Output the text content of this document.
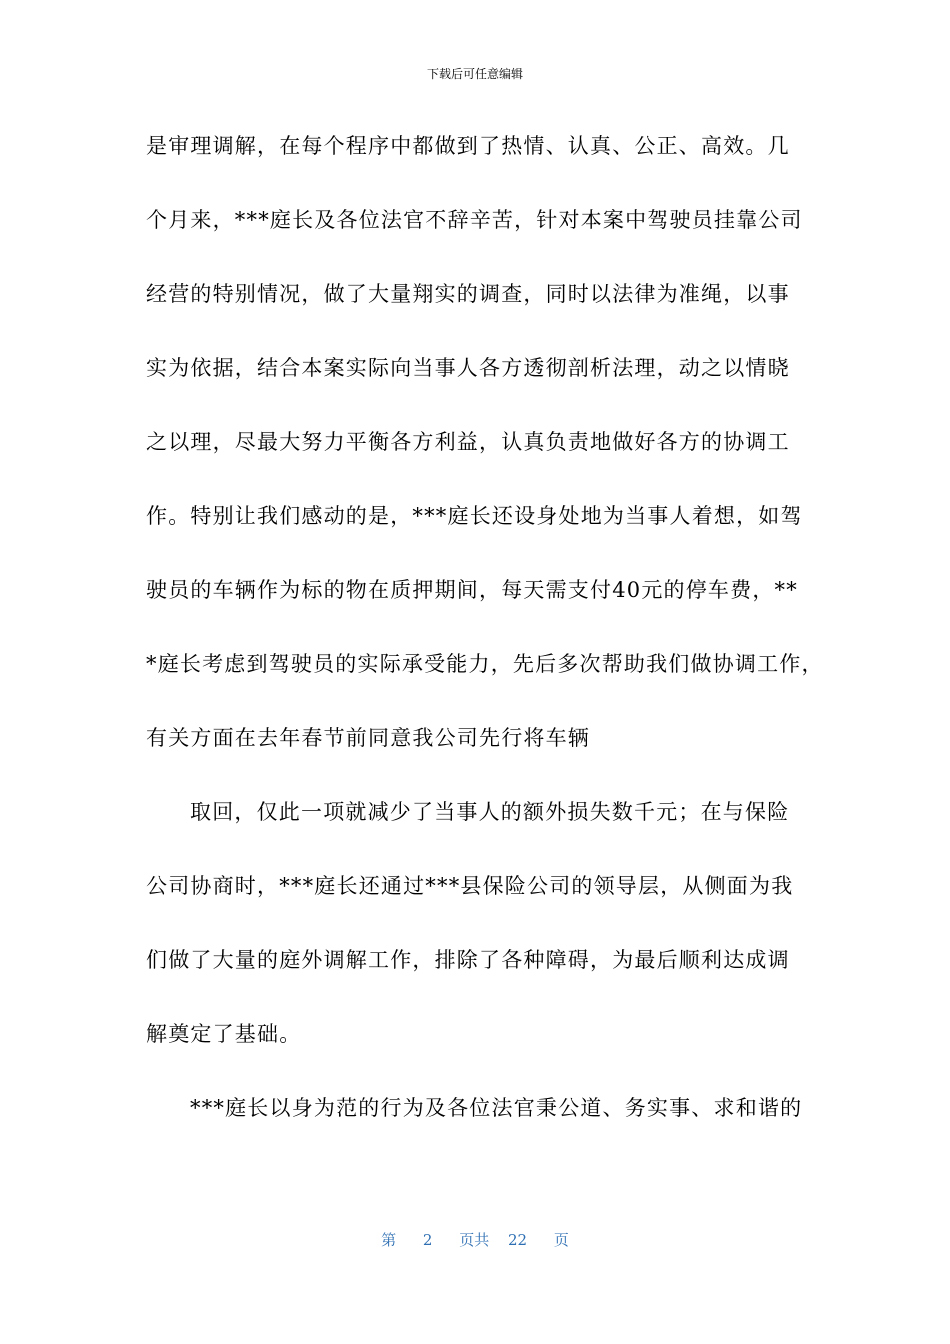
下载后可任意编辑
是审理调解，在每个程序中都做到了热情、认真、公正、高效。几
个月来，***庭长及各位法官不辞辛苦，针对本案中驾驶员挂靠公司
经营的特别情况，做了大量翔实的调查，同时以法律为准绳，以事
实为依据，结合本案实际向当事人各方透彻剖析法理，动之以情晓
之以理，尽最大努力平衡各方利益，认真负责地做好各方的协调工
作。特别让我们感动的是，***庭长还设身处地为当事人着想，如驾
驶员的车辆作为标的物在质押期间，每天需支付40元的停车费，**
*庭长考虑到驾驶员的实际承受能力，先后多次帮助我们做协调工作，
有关方面在去年春节前同意我公司先行将车辆
取回，仅此一项就减少了当事人的额外损失数千元；在与保险
公司协商时，***庭长还通过***县保险公司的领导层，从侧面为我
们做了大量的庭外调解工作，排除了各种障碍，为最后顺利达成调
解奠定了基础。
***庭长以身为范的行为及各位法官秉公道、务实事、求和谐的
第 2 页共 22 页
